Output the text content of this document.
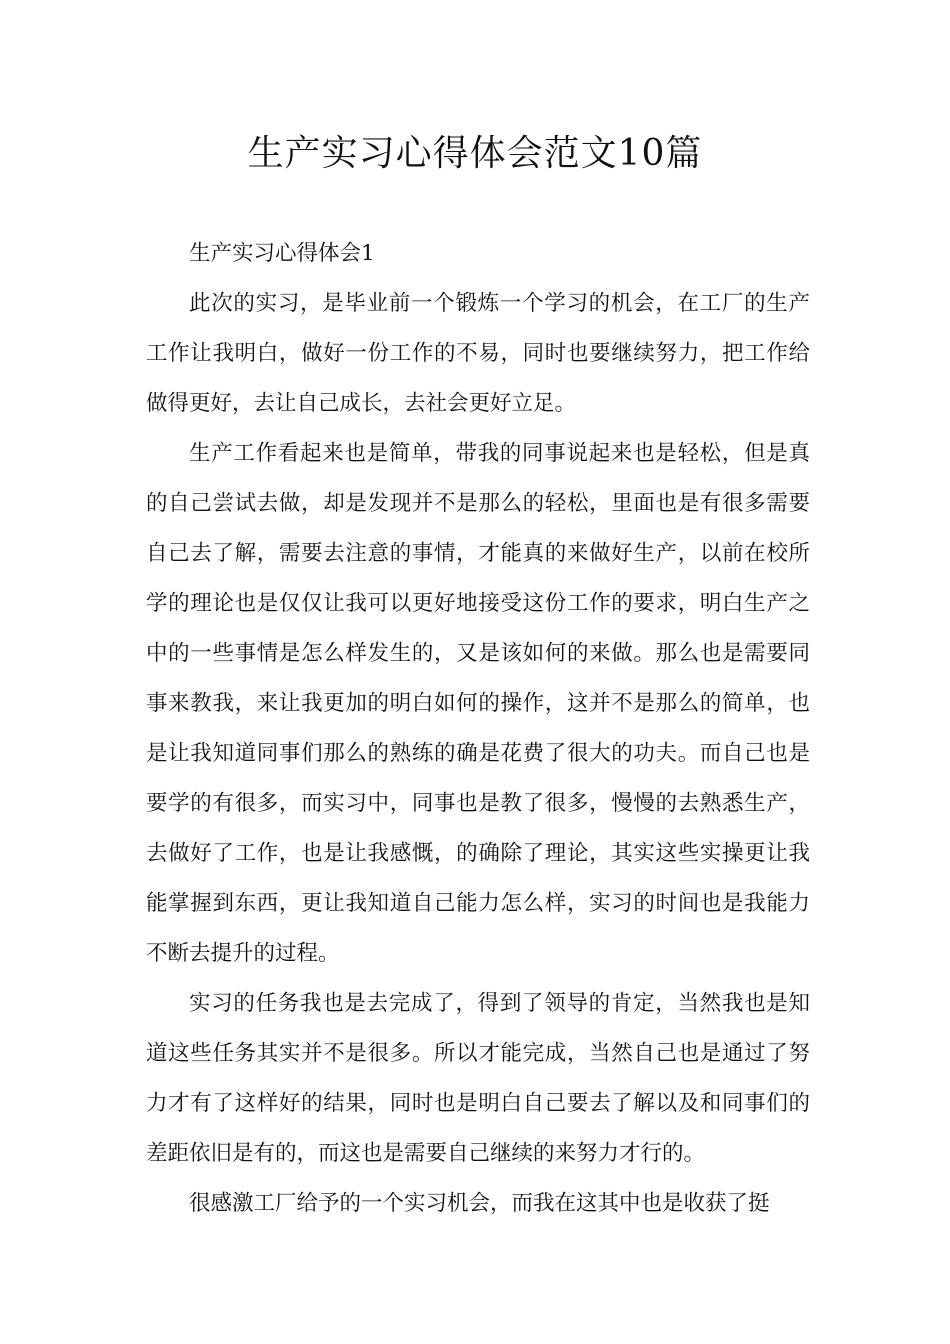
生产实习心得体会范文10篇

生产实习心得体会1

此次的实习，是毕业前一个锻炼一个学习的机会，在工厂的生产工作让我明白，做好一份工作的不易，同时也要继续努力，把工作给做得更好，去让自己成长，去社会更好立足。

生产工作看起来也是简单，带我的同事说起来也是轻松，但是真的自己尝试去做，却是发现并不是那么的轻松，里面也是有很多需要自己去了解，需要去注意的事情，才能真的来做好生产，以前在校所学的理论也是仅仅让我可以更好地接受这份工作的要求，明白生产之中的一些事情是怎么样发生的，又是该如何的来做。那么也是需要同事来教我，来让我更加的明白如何的操作，这并不是那么的简单，也是让我知道同事们那么的熟练的确是花费了很大的功夫。而自己也是要学的有很多，而实习中，同事也是教了很多，慢慢的去熟悉生产，去做好了工作，也是让我感慨，的确除了理论，其实这些实操更让我能掌握到东西，更让我知道自己能力怎么样，实习的时间也是我能力不断去提升的过程。

实习的任务我也是去完成了，得到了领导的肯定，当然我也是知道这些任务其实并不是很多。所以才能完成，当然自己也是通过了努力才有了这样好的结果，同时也是明白自己要去了解以及和同事们的差距依旧是有的，而这也是需要自己继续的来努力才行的。

很感激工厂给予的一个实习机会，而我在这其中也是收获了挺
